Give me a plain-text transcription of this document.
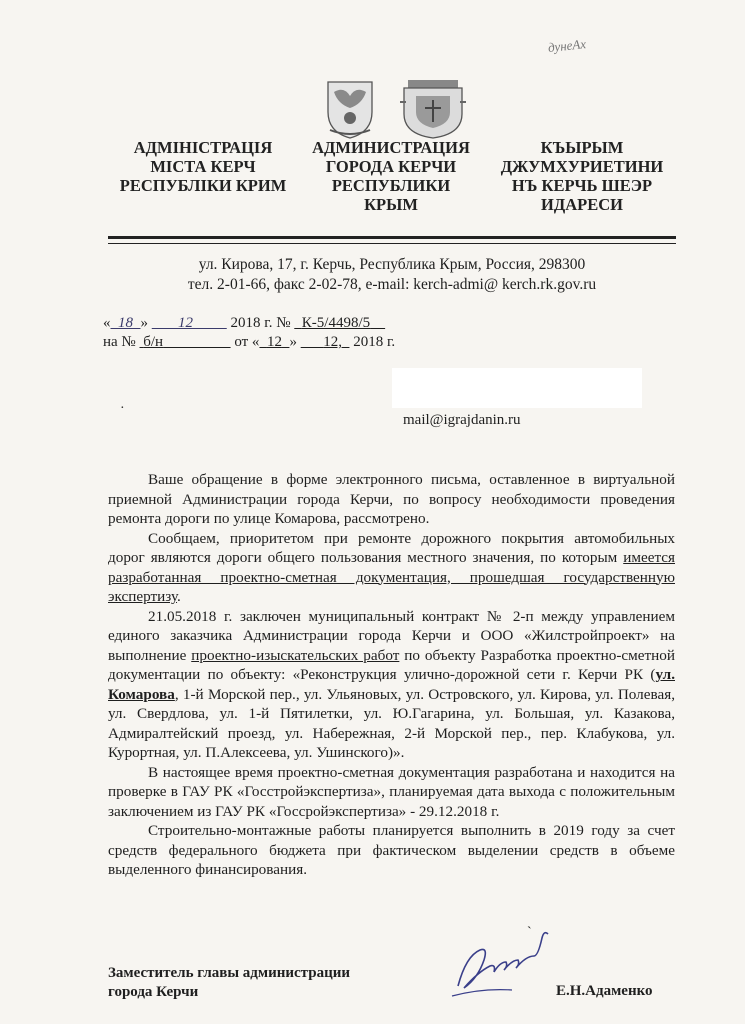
дунеАх
АДМІНІСТРАЦІЯ
МІСТА КЕРЧ
РЕСПУБЛІКИ КРИМ
АДМИНИСТРАЦИЯ
ГОРОДА КЕРЧИ
РЕСПУБЛИКИ
КРЫМ
КЪЫРЫМ
ДЖУМХУРИЕТИНИ
НЪ КЕРЧЬ ШЕЭР
ИДАРЕСИ
ул. Кирова, 17, г. Керчь, Республика Крым, Россия, 298300
тел. 2-01-66, факс 2-02-78, e-mail: kerch-admi@ kerch.rk.gov.ru
« 18 » 12	2018 г. № К-5/4498/5
на № б/н	от « 12 » 12, 2018 г.
·
mail@igrajdanin.ru

Ваше обращение в форме электронного письма, оставленное в виртуальной приемной Администрации города Керчи, по вопросу необходимости проведения ремонта дороги по улице Комарова, рассмотрено.

Сообщаем, приоритетом при ремонте дорожного покрытия автомобильных дорог являются дороги общего пользования местного значения, по которым имеется разработанная проектно-сметная документация, прошедшая государственную экспертизу.

21.05.2018 г. заключен муниципальный контракт № 2-п между управлением единого заказчика Администрации города Керчи и ООО «Жилстройпроект» на выполнение проектно-изыскательских работ по объекту Разработка проектно-сметной документации по объекту: «Реконструкция улично-дорожной сети г. Керчи РК (ул. Комарова, 1-й Морской пер., ул. Ульяновых, ул. Островского, ул. Кирова, ул. Полевая, ул. Свердлова, ул. 1-й Пятилетки, ул. Ю.Гагарина, ул. Большая, ул. Казакова, Адмиралтейский проезд, ул. Набережная, 2-й Морской пер., пер. Клабукова, ул. Курортная, ул. П.Алексеева, ул. Ушинского)».

В настоящее время проектно-сметная документация разработана и находится на проверке в ГАУ РК «Госстройэкспертиза», планируемая дата выхода с положительным заключением из ГАУ РК «Госсройэкспертиза» - 29.12.2018 г.

Строительно-монтажные работы планируется выполнить в 2019 году за счет средств федерального бюджета при фактическом выделении средств в объеме выделенного финансирования.

ˋ
Заместитель главы администрации
города Керчи	Е.Н.Адаменко
